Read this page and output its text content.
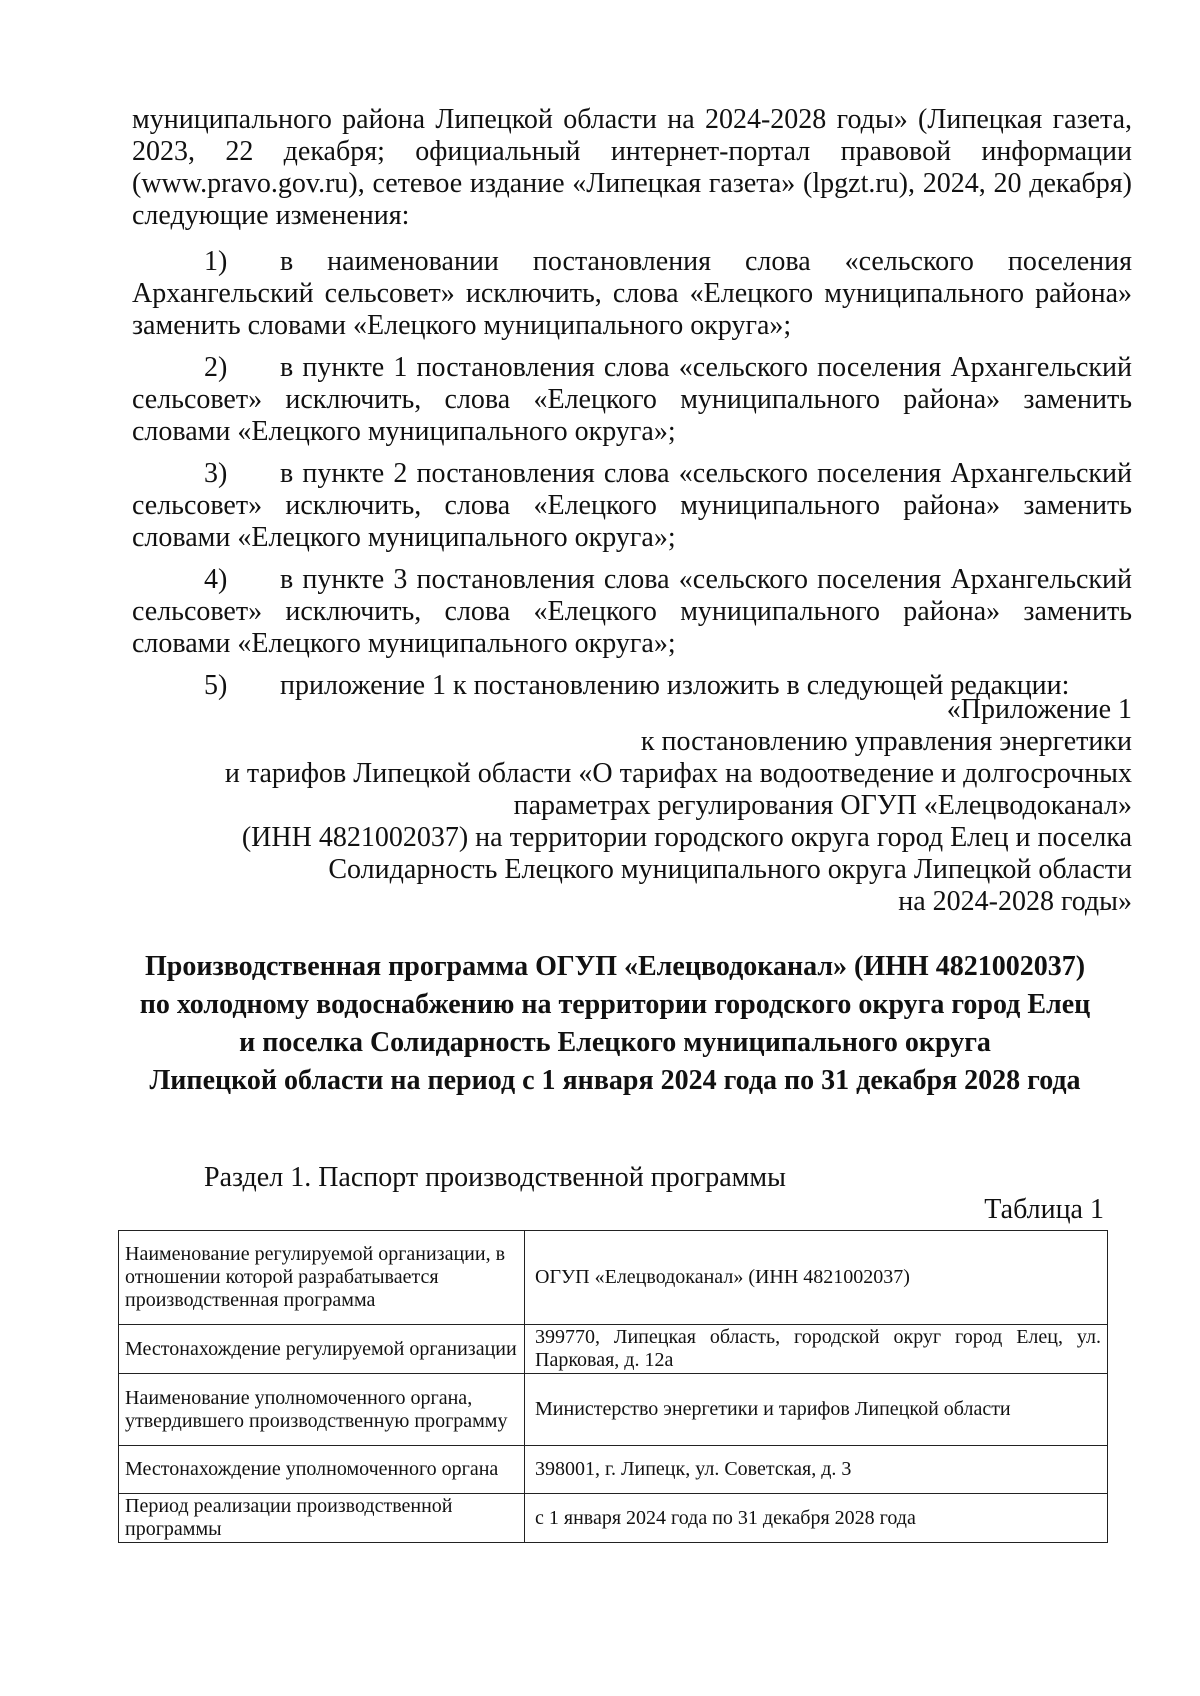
муниципального района Липецкой области на 2024-2028 годы» (Липецкая газета, 2023, 22 декабря; официальный интернет-портал правовой информации (www.pravo.gov.ru), сетевое издание «Липецкая газета» (lpgzt.ru), 2024, 20 декабря) следующие изменения:
1) в наименовании постановления слова «сельского поселения Архангельский сельсовет» исключить, слова «Елецкого муниципального района» заменить словами «Елецкого муниципального округа»;
2) в пункте 1 постановления слова «сельского поселения Архангельский сельсовет» исключить, слова «Елецкого муниципального района» заменить словами «Елецкого муниципального округа»;
3) в пункте 2 постановления слова «сельского поселения Архангельский сельсовет» исключить, слова «Елецкого муниципального района» заменить словами «Елецкого муниципального округа»;
4) в пункте 3 постановления слова «сельского поселения Архангельский сельсовет» исключить, слова «Елецкого муниципального района» заменить словами «Елецкого муниципального округа»;
5) приложение 1 к постановлению изложить в следующей редакции:
«Приложение 1
к постановлению управления энергетики
и тарифов Липецкой области «О тарифах на водоотведение и долгосрочных
параметрах регулирования ОГУП «Елецводоканал»
(ИНН 4821002037) на территории городского округа город Елец и поселка
Солидарность Елецкого муниципального округа Липецкой области
на 2024-2028 годы»
Производственная программа ОГУП «Елецводоканал» (ИНН 4821002037)
по холодному водоснабжению на территории городского округа город Елец
и поселка Солидарность Елецкого муниципального округа
Липецкой области на период с 1 января 2024 года по 31 декабря 2028 года
Раздел 1. Паспорт производственной программы
Таблица 1
Наименование регулируемой организации, в отношении которой разрабатывается производственная программа	ОГУП «Елецводоканал» (ИНН 4821002037)
Местонахождение регулируемой организации	399770, Липецкая область, городской округ город Елец, ул. Парковая, д. 12а
Наименование уполномоченного органа, утвердившего производственную программу	Министерство энергетики и тарифов Липецкой области
Местонахождение уполномоченного органа	398001, г. Липецк, ул. Советская, д. 3
Период реализации производственной программы	с 1 января 2024 года по 31 декабря 2028 года
